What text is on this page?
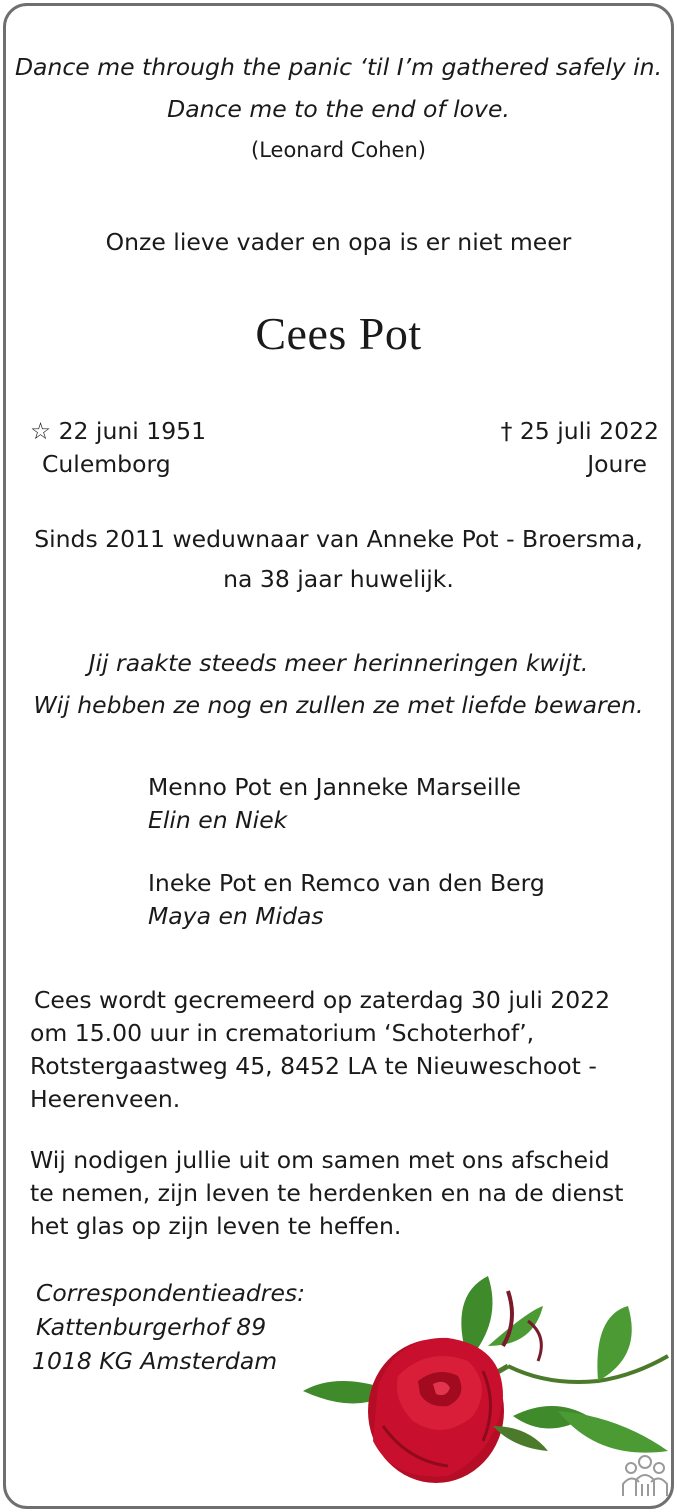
Dance me through the panic ‘til I’m gathered safely in.
Dance me to the end of love.
(Leonard Cohen)
Onze lieve vader en opa is er niet meer
Cees Pot
☆ 22 juni 1951
Culemborg
† 25 juli 2022
Joure
Sinds 2011 weduwnaar van Anneke Pot - Broersma,
na 38 jaar huwelijk.
Jij raakte steeds meer herinneringen kwijt.
Wij hebben ze nog en zullen ze met liefde bewaren.
Menno Pot en Janneke Marseille
Elin en Niek
Ineke Pot en Remco van den Berg
Maya en Midas
Cees wordt gecremeerd op zaterdag 30 juli 2022
om 15.00 uur in crematorium ‘Schoterhof’,
Rotstergaastweg 45, 8452 LA te Nieuweschoot -
Heerenveen.
Wij nodigen jullie uit om samen met ons afscheid
te nemen, zijn leven te herdenken en na de dienst
het glas op zijn leven te heffen.
Correspondentieadres:
Kattenburgerhof 89
1018 KG Amsterdam
